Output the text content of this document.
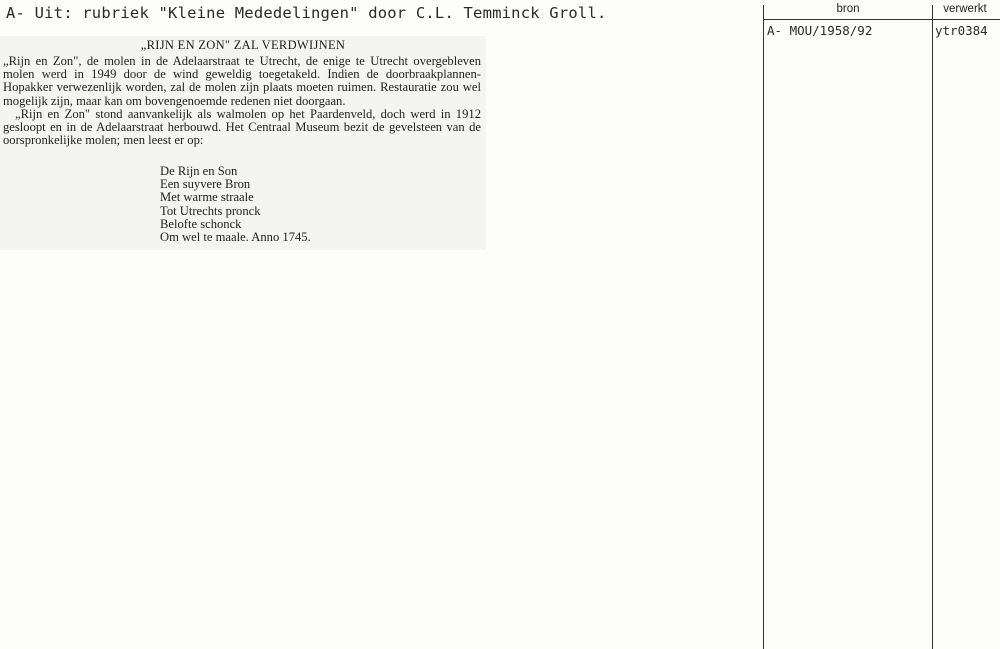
A- Uit: rubriek "Kleine Mededelingen" door C.L. Temminck Groll.
„RIJN EN ZON" ZAL VERDWIJNEN

„Rijn en Zon", de molen in de Adelaarstraat te Utrecht, de enige te Utrecht overgebleven molen werd in 1949 door de wind geweldig toegetakeld. Indien de doorbraakplannen-Hopakker verwezenlijk worden, zal de molen zijn plaats moeten ruimen. Restauratie zou wel mogelijk zijn, maar kan om bovengenoemde redenen niet doorgaan.

„Rijn en Zon" stond aanvankelijk als walmolen op het Paardenveld, doch werd in 1912 gesloopt en in de Adelaarstraat herbouwd. Het Centraal Museum bezit de gevelsteen van de oorspronkelijke molen; men leest er op:

De Rijn en Son
Een suyvere Bron
Met warme straale
Tot Utrechts pronck
Belofte schonck
Om wel te maale. Anno 1745.
bron	verwerkt
A- MOU/1958/92	ytr0384
